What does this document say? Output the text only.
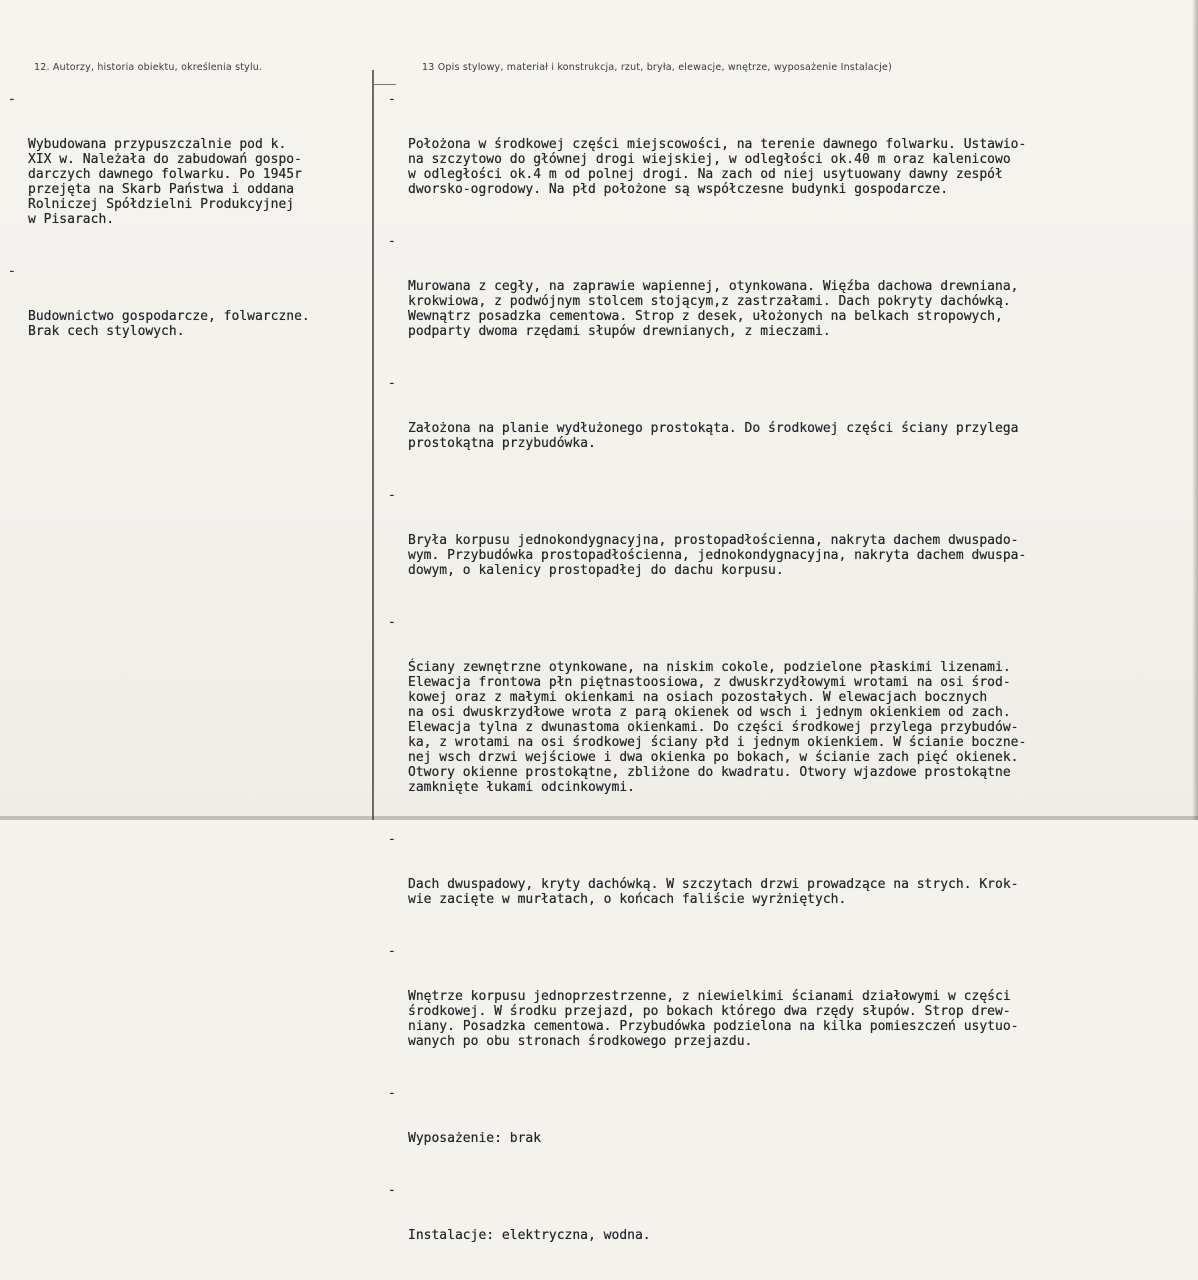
12. Autorzy, historia obiektu, określenia stylu.	13 Opis stylowy, materiał i konstrukcja, rzut, bryła, elewacje, wnętrze, wyposażenie Instalacje)

-

Wybudowana przypuszczalnie pod k.
XIX w. Należała do zabudowań gospo-
darczych dawnego folwarku. Po 1945r
przejęta na Skarb Państwa i oddana
Rolniczej Spółdzielni Produkcyjnej
w Pisarach.

-

Budownictwo gospodarcze, folwarczne.
Brak cech stylowych.

-

Położona w środkowej części miejscowości, na terenie dawnego folwarku. Ustawio-
na szczytowo do głównej drogi wiejskiej, w odległości ok.40 m oraz kalenicowo
w odległości ok.4 m od polnej drogi. Na zach od niej usytuowany dawny zespół
dworsko-ogrodowy. Na płd położone są współczesne budynki gospodarcze.

-

Murowana z cegły, na zaprawie wapiennej, otynkowana. Więźba dachowa drewniana,
krokwiowa, z podwójnym stolcem stojącym,z zastrzałami. Dach pokryty dachówką.
Wewnątrz posadzka cementowa. Strop z desek, ułożonych na belkach stropowych,
podparty dwoma rzędami słupów drewnianych, z mieczami.

-

Założona na planie wydłużonego prostokąta. Do środkowej części ściany przylega
prostokątna przybudówka.

-

Bryła korpusu jednokondygnacyjna, prostopadłościenna, nakryta dachem dwuspado-
wym. Przybudówka prostopadłościenna, jednokondygnacyjna, nakryta dachem dwuspa-
dowym, o kalenicy prostopadłej do dachu korpusu.

-

Ściany zewnętrzne otynkowane, na niskim cokole, podzielone płaskimi lizenami.
Elewacja frontowa płn piętnastoosiowa, z dwuskrzydłowymi wrotami na osi środ-
kowej oraz z małymi okienkami na osiach pozostałych. W elewacjach bocznych
na osi dwuskrzydłowe wrota z parą okienek od wsch i jednym okienkiem od zach.
Elewacja tylna z dwunastoma okienkami. Do części środkowej przylega przybudów-
ka, z wrotami na osi środkowej ściany płd i jednym okienkiem. W ścianie boczne-
nej wsch drzwi wejściowe i dwa okienka po bokach, w ścianie zach pięć okienek.
Otwory okienne prostokątne, zbliżone do kwadratu. Otwory wjazdowe prostokątne
zamknięte łukami odcinkowymi.

-

Dach dwuspadowy, kryty dachówką. W szczytach drzwi prowadzące na strych. Krok-
wie zacięte w murłatach, o końcach faliście wyrżniętych.

-

Wnętrze korpusu jednoprzestrzenne, z niewielkimi ścianami działowymi w części
środkowej. W środku przejazd, po bokach którego dwa rzędy słupów. Strop drew-
niany. Posadzka cementowa. Przybudówka podzielona na kilka pomieszczeń usytuo-
wanych po obu stronach środkowego przejazdu.

-

Wyposażenie: brak

-

Instalacje: elektryczna, wodna.
